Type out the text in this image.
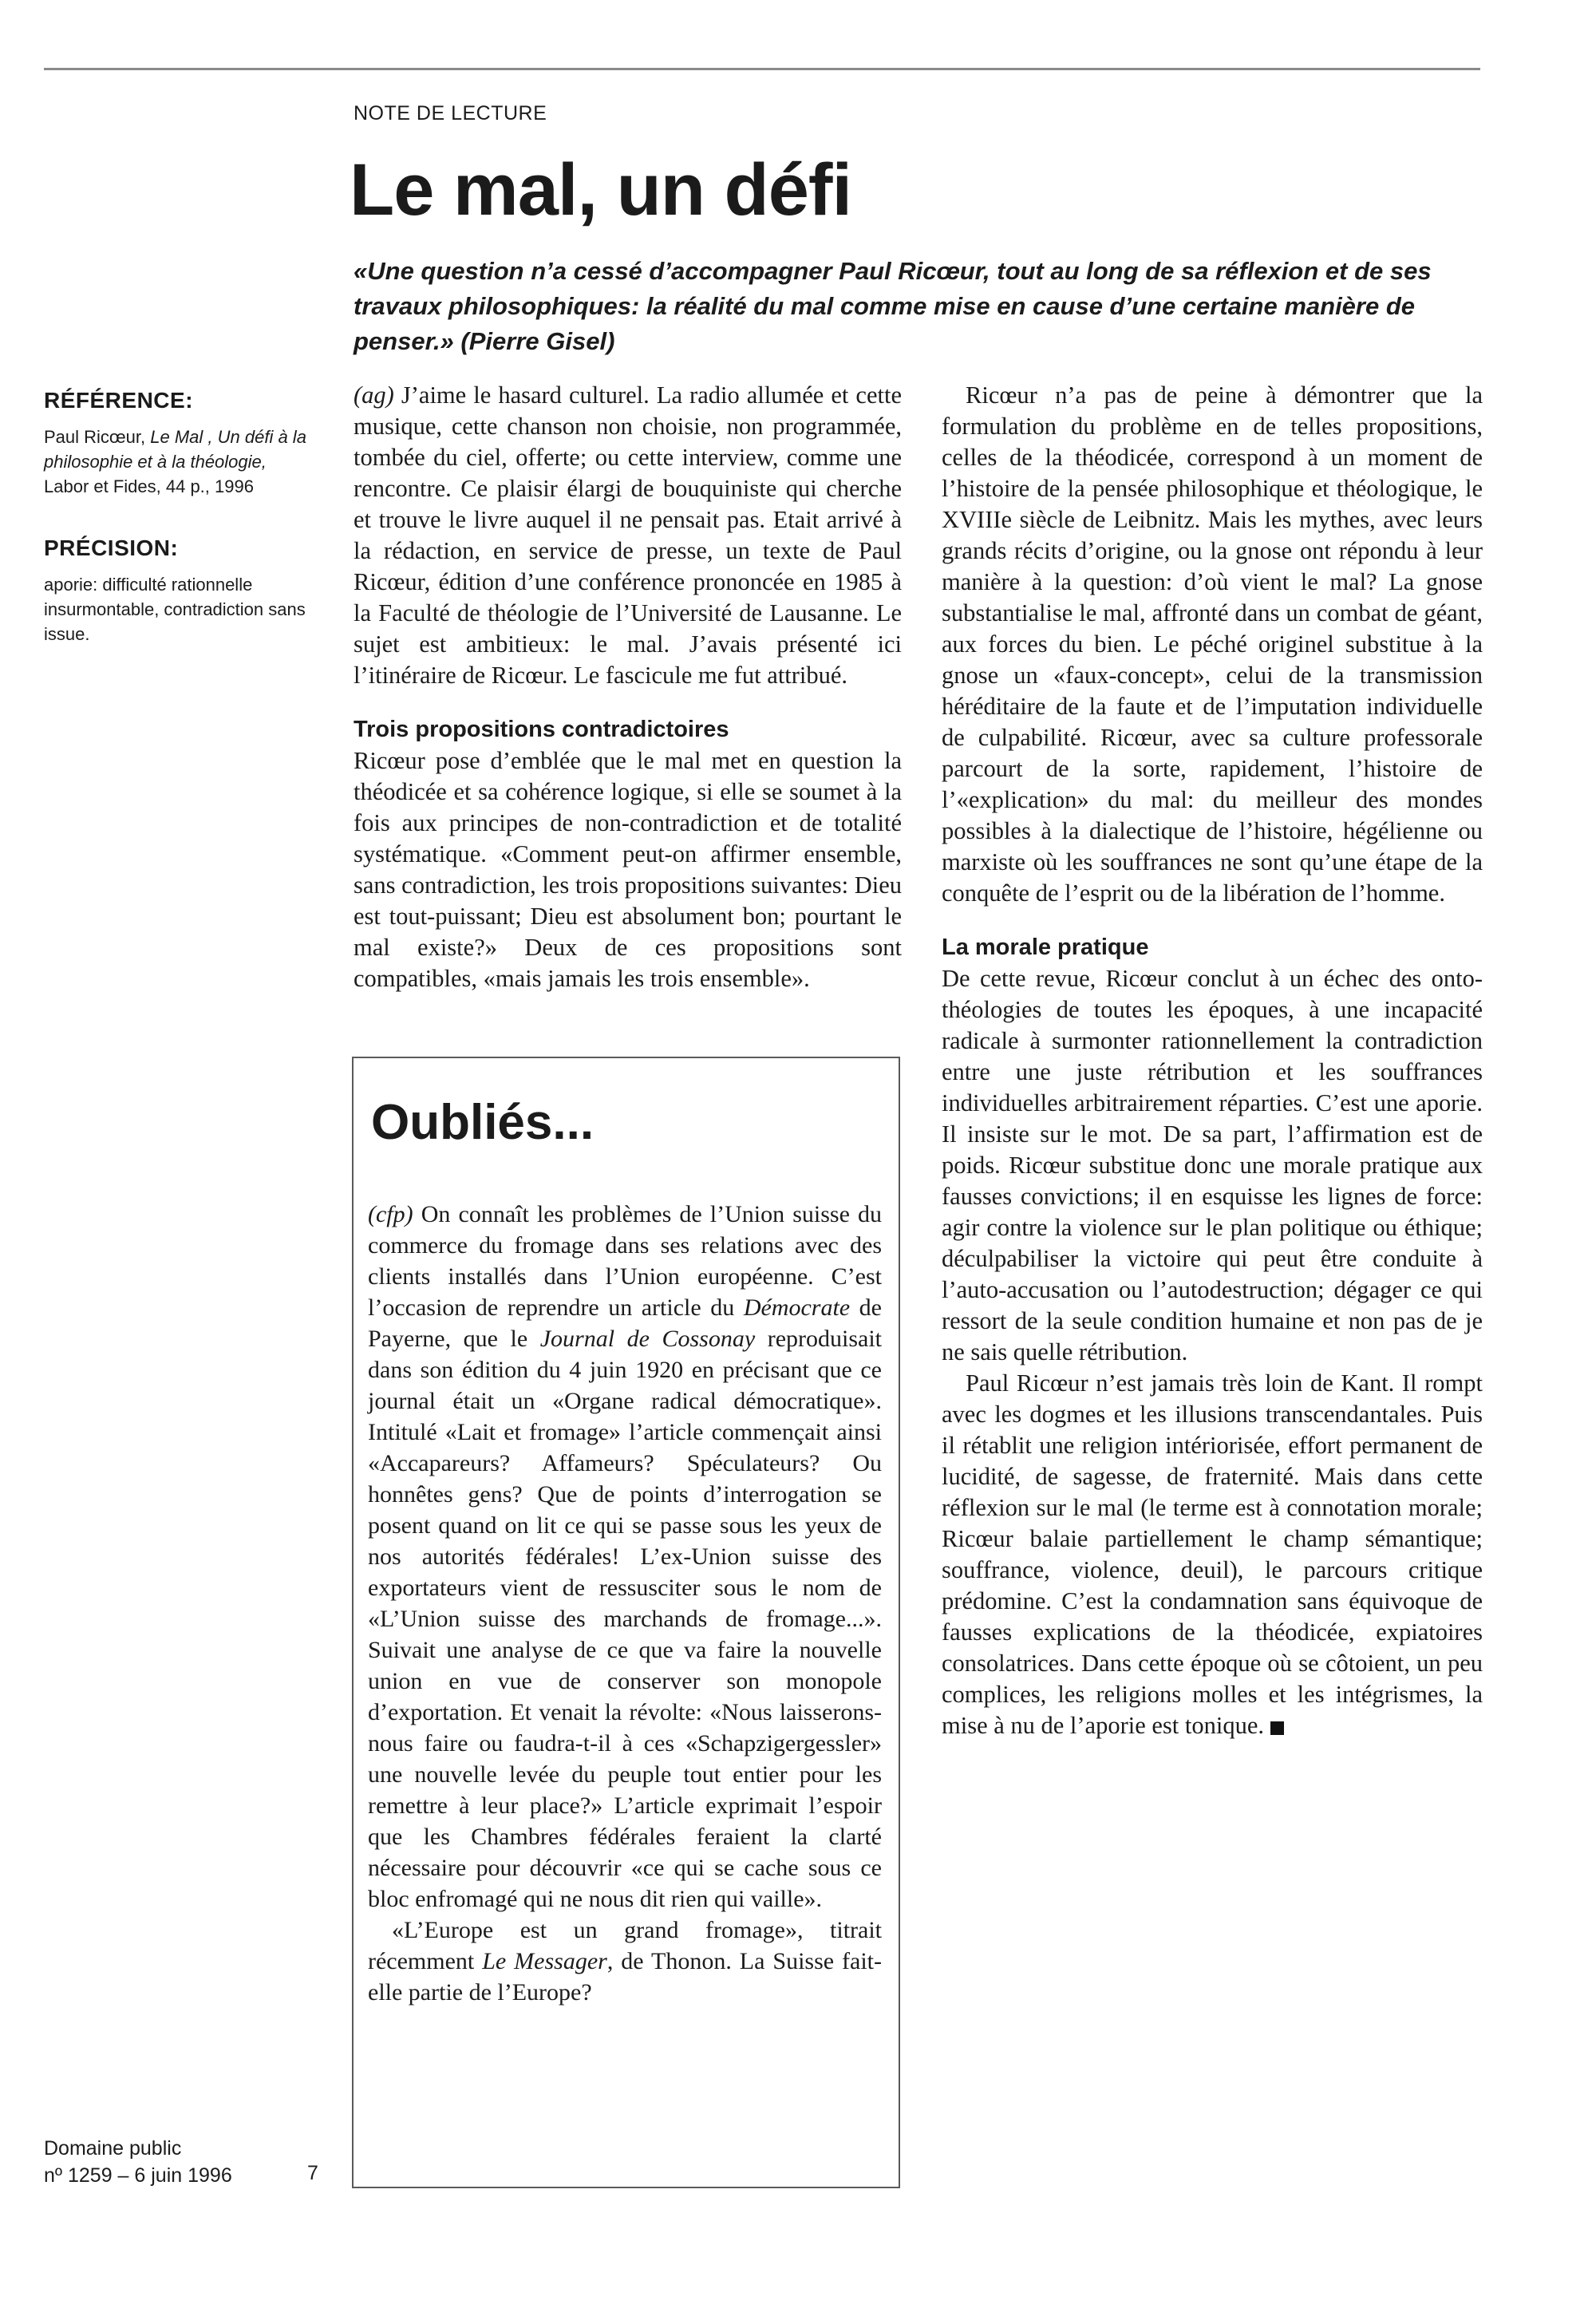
NOTE DE LECTURE
Le mal, un défi

«Une question n’a cessé d’accompagner Paul Ricœur, tout au long de sa réflexion et de ses travaux philosophiques: la réalité du mal comme mise en cause d’une certaine manière de penser.» (Pierre Gisel)

RÉFÉRENCE:

Paul Ricœur, Le Mal , Un défi à la philosophie et à la théologie, Labor et Fides, 44 p., 1996

PRÉCISION:

aporie: difficulté rationnelle insurmontable, contradiction sans issue.

(ag) J’aime le hasard culturel. La radio allumée et cette musique, cette chanson non choisie, non programmée, tombée du ciel, offerte; ou cette interview, comme une rencontre. Ce plaisir élargi de bouquiniste qui cherche et trouve le livre auquel il ne pensait pas. Etait arrivé à la rédaction, en service de presse, un texte de Paul Ricœur, édition d’une conférence prononcée en 1985 à la Faculté de théologie de l’Université de Lausanne. Le sujet est ambitieux: le mal. J’avais présenté ici l’itinéraire de Ricœur. Le fascicule me fut attribué.

Trois propositions contradictoires

Ricœur pose d’emblée que le mal met en question la théodicée et sa cohérence logique, si elle se soumet à la fois aux principes de non-contradiction et de totalité systématique. «Comment peut-on affirmer ensemble, sans contradiction, les trois propositions suivantes: Dieu est tout-puissant; Dieu est absolument bon; pourtant le mal existe?» Deux de ces propositions sont compatibles, «mais jamais les trois ensemble».

Ricœur n’a pas de peine à démontrer que la formulation du problème en de telles propositions, celles de la théodicée, correspond à un moment de l’histoire de la pensée philosophique et théologique, le XVIIIe siècle de Leibnitz. Mais les mythes, avec leurs grands récits d’origine, ou la gnose ont répondu à leur manière à la question: d’où vient le mal? La gnose substantialise le mal, affronté dans un combat de géant, aux forces du bien. Le péché originel substitue à la gnose un «faux-concept», celui de la transmission héréditaire de la faute et de l’imputation individuelle de culpabilité. Ricœur, avec sa culture professorale parcourt de la sorte, rapidement, l’histoire de l’«explication» du mal: du meilleur des mondes possibles à la dialectique de l’histoire, hégélienne ou marxiste où les souffrances ne sont qu’une étape de la conquête de l’esprit ou de la libération de l’homme.

La morale pratique

De cette revue, Ricœur conclut à un échec des onto-théologies de toutes les époques, à une incapacité radicale à surmonter rationnellement la contradiction entre une juste rétribution et les souffrances individuelles arbitrairement réparties. C’est une aporie. Il insiste sur le mot. De sa part, l’affirmation est de poids. Ricœur substitue donc une morale pratique aux fausses convictions; il en esquisse les lignes de force: agir contre la violence sur le plan politique ou éthique; déculpabiliser la victoire qui peut être conduite à l’auto-accusation ou l’autodestruction; dégager ce qui ressort de la seule condition humaine et non pas de je ne sais quelle rétribution.

Paul Ricœur n’est jamais très loin de Kant. Il rompt avec les dogmes et les illusions transcendantales. Puis il rétablit une religion intériorisée, effort permanent de lucidité, de sagesse, de fraternité. Mais dans cette réflexion sur le mal (le terme est à connotation morale; Ricœur balaie partiellement le champ sémantique; souffrance, violence, deuil), le parcours critique prédomine. C’est la condamnation sans équivoque de fausses explications de la théodicée, expiatoires consolatrices. Dans cette époque où se côtoient, un peu complices, les religions molles et les intégrismes, la mise à nu de l’aporie est tonique.

Oubliés...

(cfp) On connaît les problèmes de l’Union suisse du commerce du fromage dans ses relations avec des clients installés dans l’Union européenne. C’est l’occasion de reprendre un article du Démocrate de Payerne, que le Journal de Cossonay reproduisait dans son édition du 4 juin 1920 en précisant que ce journal était un «Organe radical démocratique». Intitulé «Lait et fromage» l’article commençait ainsi «Accapareurs? Affameurs? Spéculateurs? Ou honnêtes gens? Que de points d’interrogation se posent quand on lit ce qui se passe sous les yeux de nos autorités fédérales! L’ex-Union suisse des exportateurs vient de ressusciter sous le nom de «L’Union suisse des marchands de fromage...». Suivait une analyse de ce que va faire la nouvelle union en vue de conserver son monopole d’exportation. Et venait la révolte: «Nous laisserons-nous faire ou faudra-t-il à ces «Schapzigergessler» une nouvelle levée du peuple tout entier pour les remettre à leur place?» L’article exprimait l’espoir que les Chambres fédérales feraient la clarté nécessaire pour découvrir «ce qui se cache sous ce bloc enfromagé qui ne nous dit rien qui vaille».

«L’Europe est un grand fromage», titrait récemment Le Messager, de Thonon. La Suisse fait-elle partie de l’Europe?

Domaine public
nº 1259 – 6 juin 1996	7
